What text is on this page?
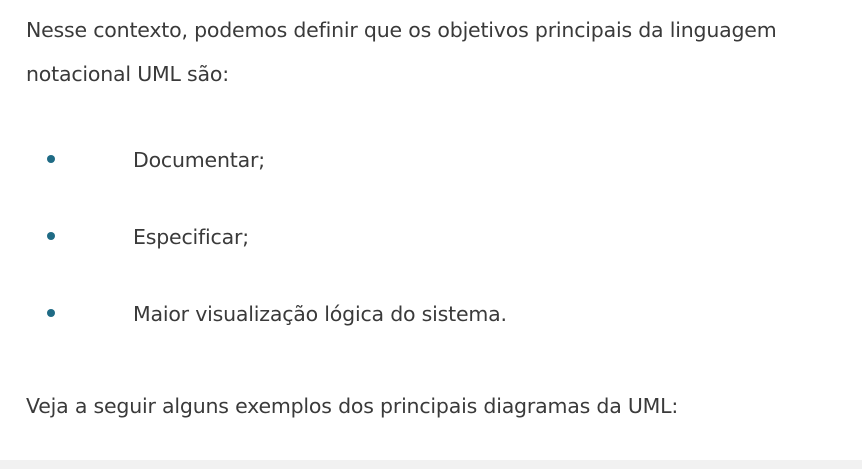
Nesse contexto, podemos definir que os objetivos principais da linguagem notacional UML são:

Documentar;
Especificar;
Maior visualização lógica do sistema.

Veja a seguir alguns exemplos dos principais diagramas da UML:
